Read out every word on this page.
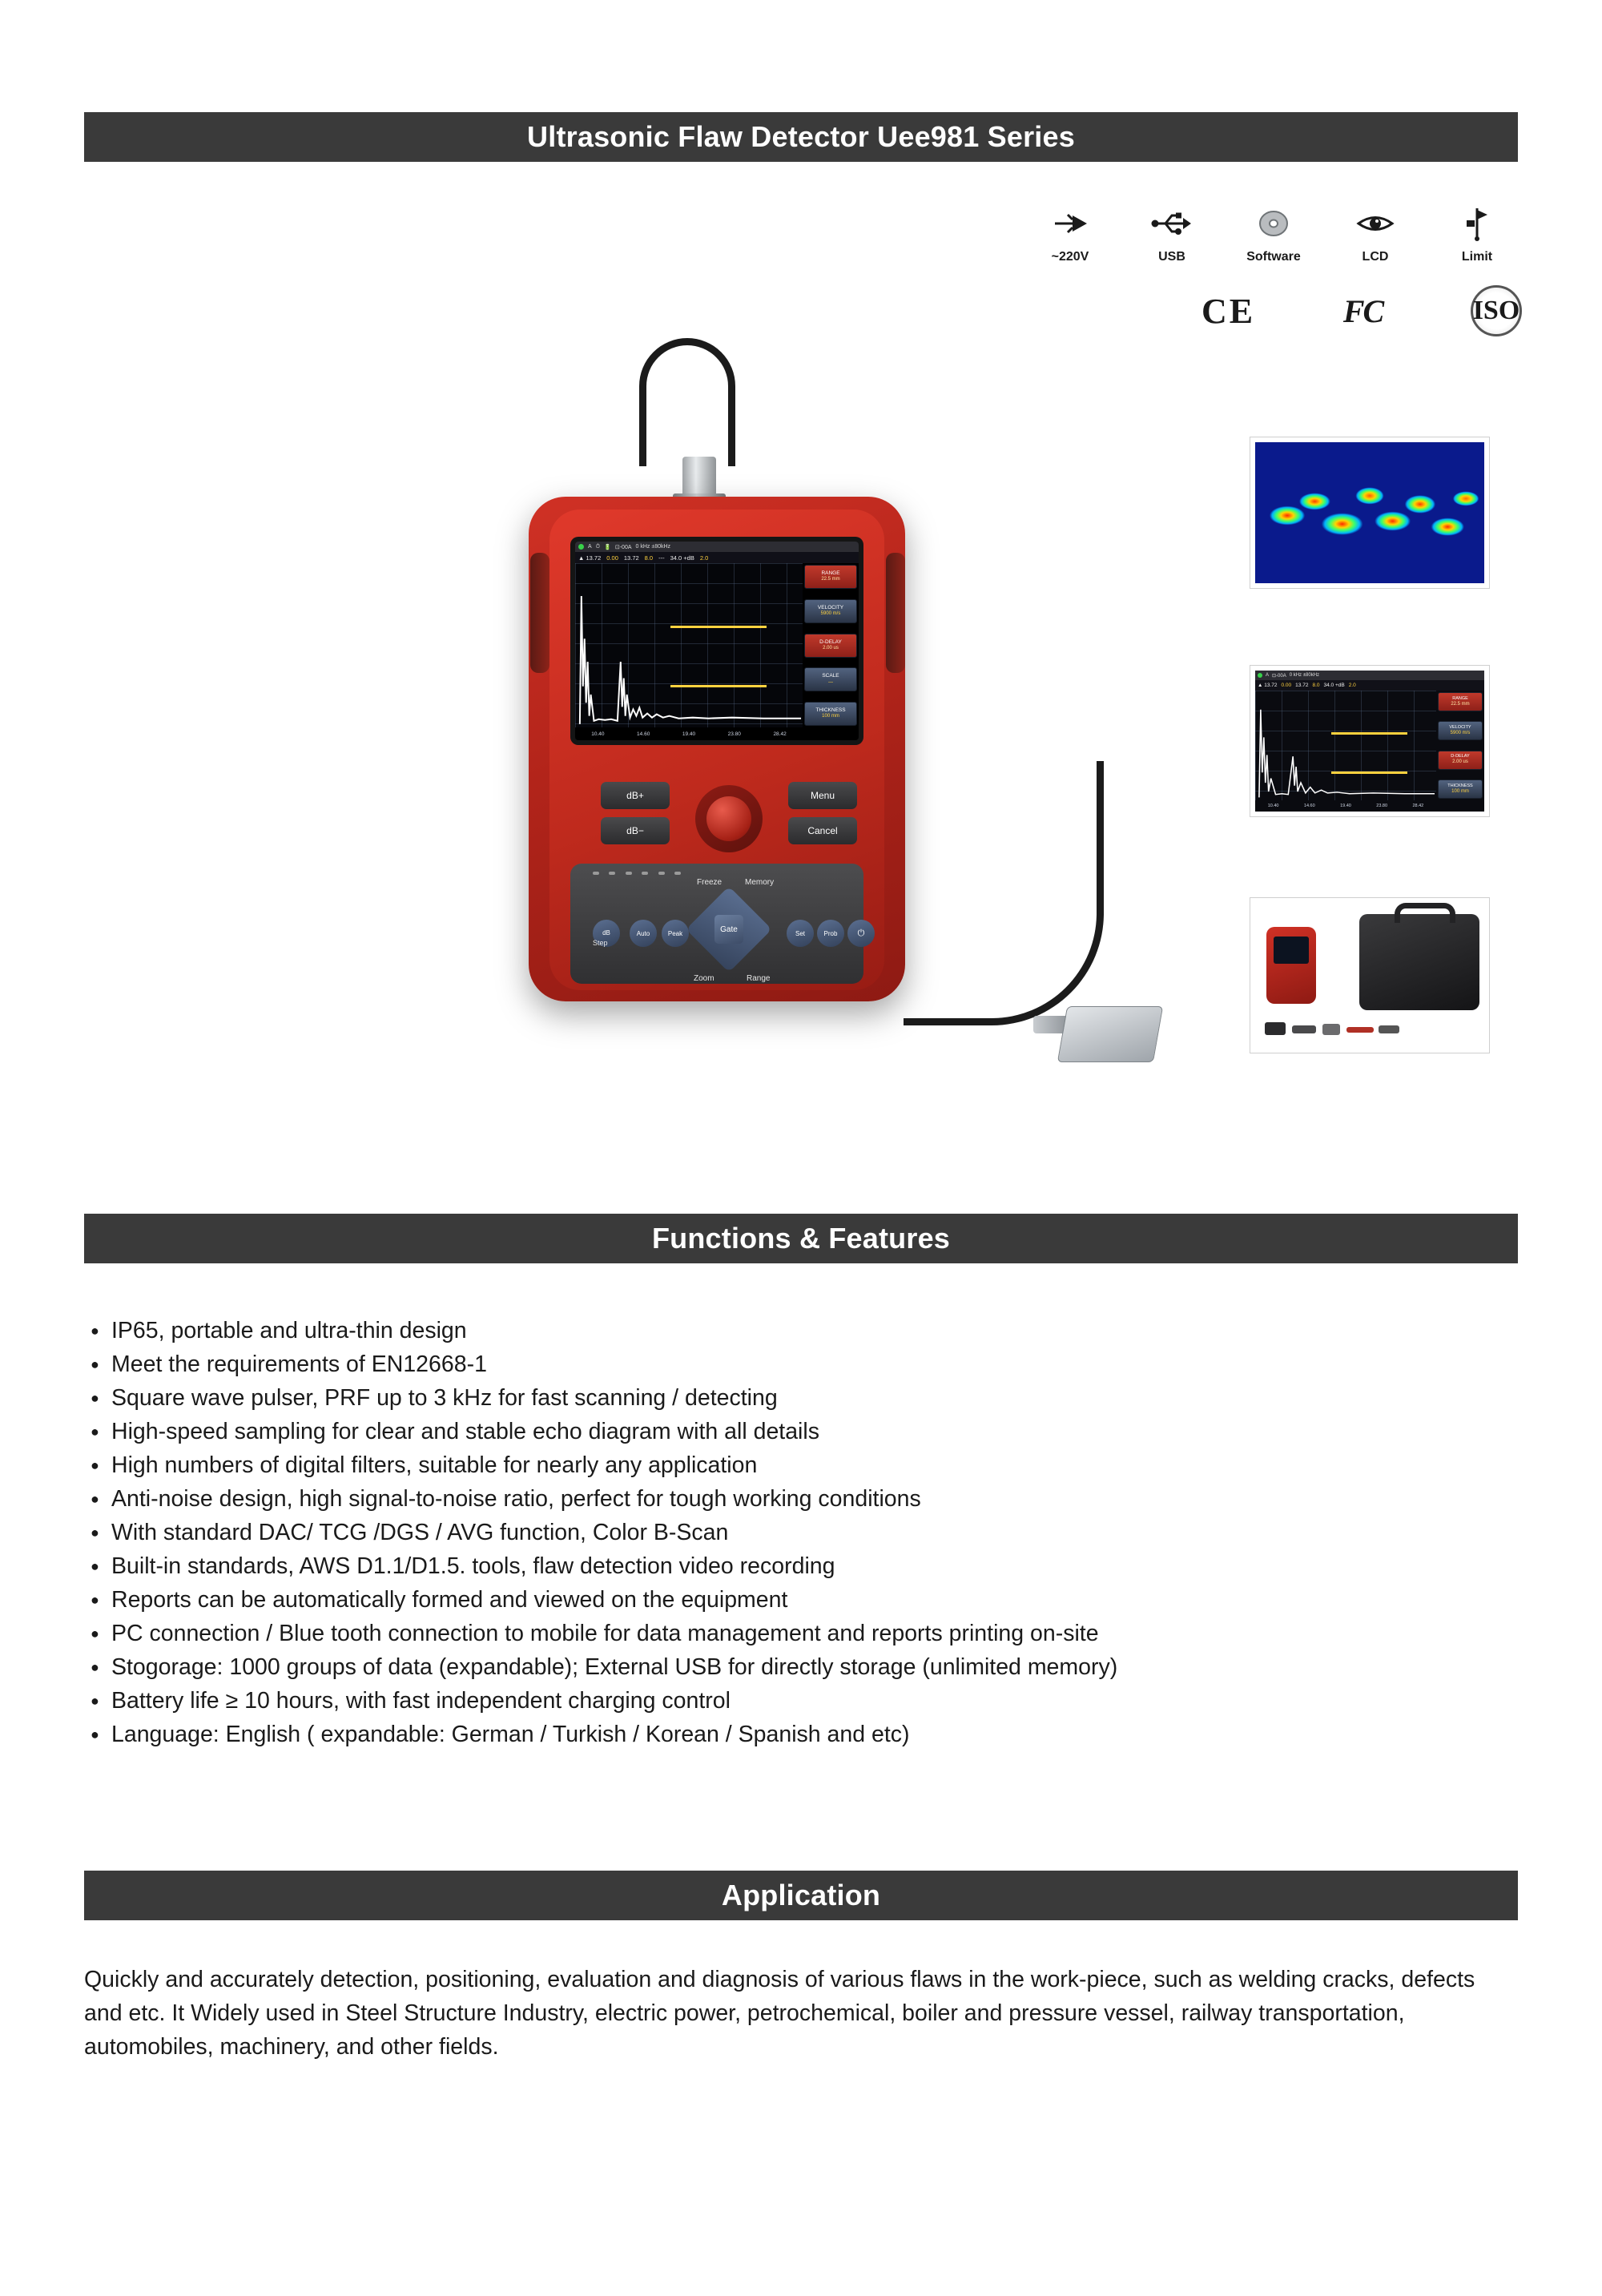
Ultrasonic Flaw Detector Uee981 Series
~220V	USB	Software	LCD	Limit
CE	FC	ISO
A ⏱ 🔋 ⊡-00A 0 kHz ±80kHz
▲ 13.72 0.00 13.72 8.0 --- 34.0 +dB 2.0
RANGE
22.5 mm
VELOCITY
5900 m/s
D-DELAY
2.00 us
SCALE
—
THICKNESS
100 mm
10.40	14.60	19.40	23.80	28.42
dB+
dB−
Menu
Cancel
Gate
Freeze	Memory
Zoom	Range
dB
Step
Auto	Peak	Set	Prob ⏻
A ⊡-00A 0 kHz ±80kHz
▲ 13.72 0.00 13.72 8.0 34.0 +dB 2.0
RANGE
22.5 mm
VELOCITY
5900 m/s
D-DELAY
2.00 us
THICKNESS
100 mm
10.40	14.60	19.40	23.80	28.42
Functions & Features
● IP65, portable and ultra-thin design
● Meet the requirements of EN12668-1
● Square wave pulser, PRF up to 3 kHz for fast scanning / detecting
● High-speed sampling for clear and stable echo diagram with all details
● High numbers of digital filters, suitable for nearly any application
● Anti-noise design, high signal-to-noise ratio, perfect for tough working conditions
● With standard DAC/ TCG /DGS / AVG function, Color B-Scan
● Built-in standards, AWS D1.1/D1.5. tools, flaw detection video recording
● Reports can be automatically formed and viewed on the equipment
● PC connection / Blue tooth connection to mobile for data management and reports printing on-site
● Stogorage: 1000 groups of data (expandable); External USB for directly storage (unlimited memory)
● Battery life ≥ 10 hours, with fast independent charging control
● Language: English ( expandable: German / Turkish / Korean / Spanish and etc)
Application
Quickly and accurately detection, positioning, evaluation and diagnosis of various flaws in the work-piece, such as welding cracks, defects and etc. It Widely used in Steel Structure Industry, electric power, petrochemical, boiler and pressure vessel, railway transportation, automobiles, machinery, and other fields.
